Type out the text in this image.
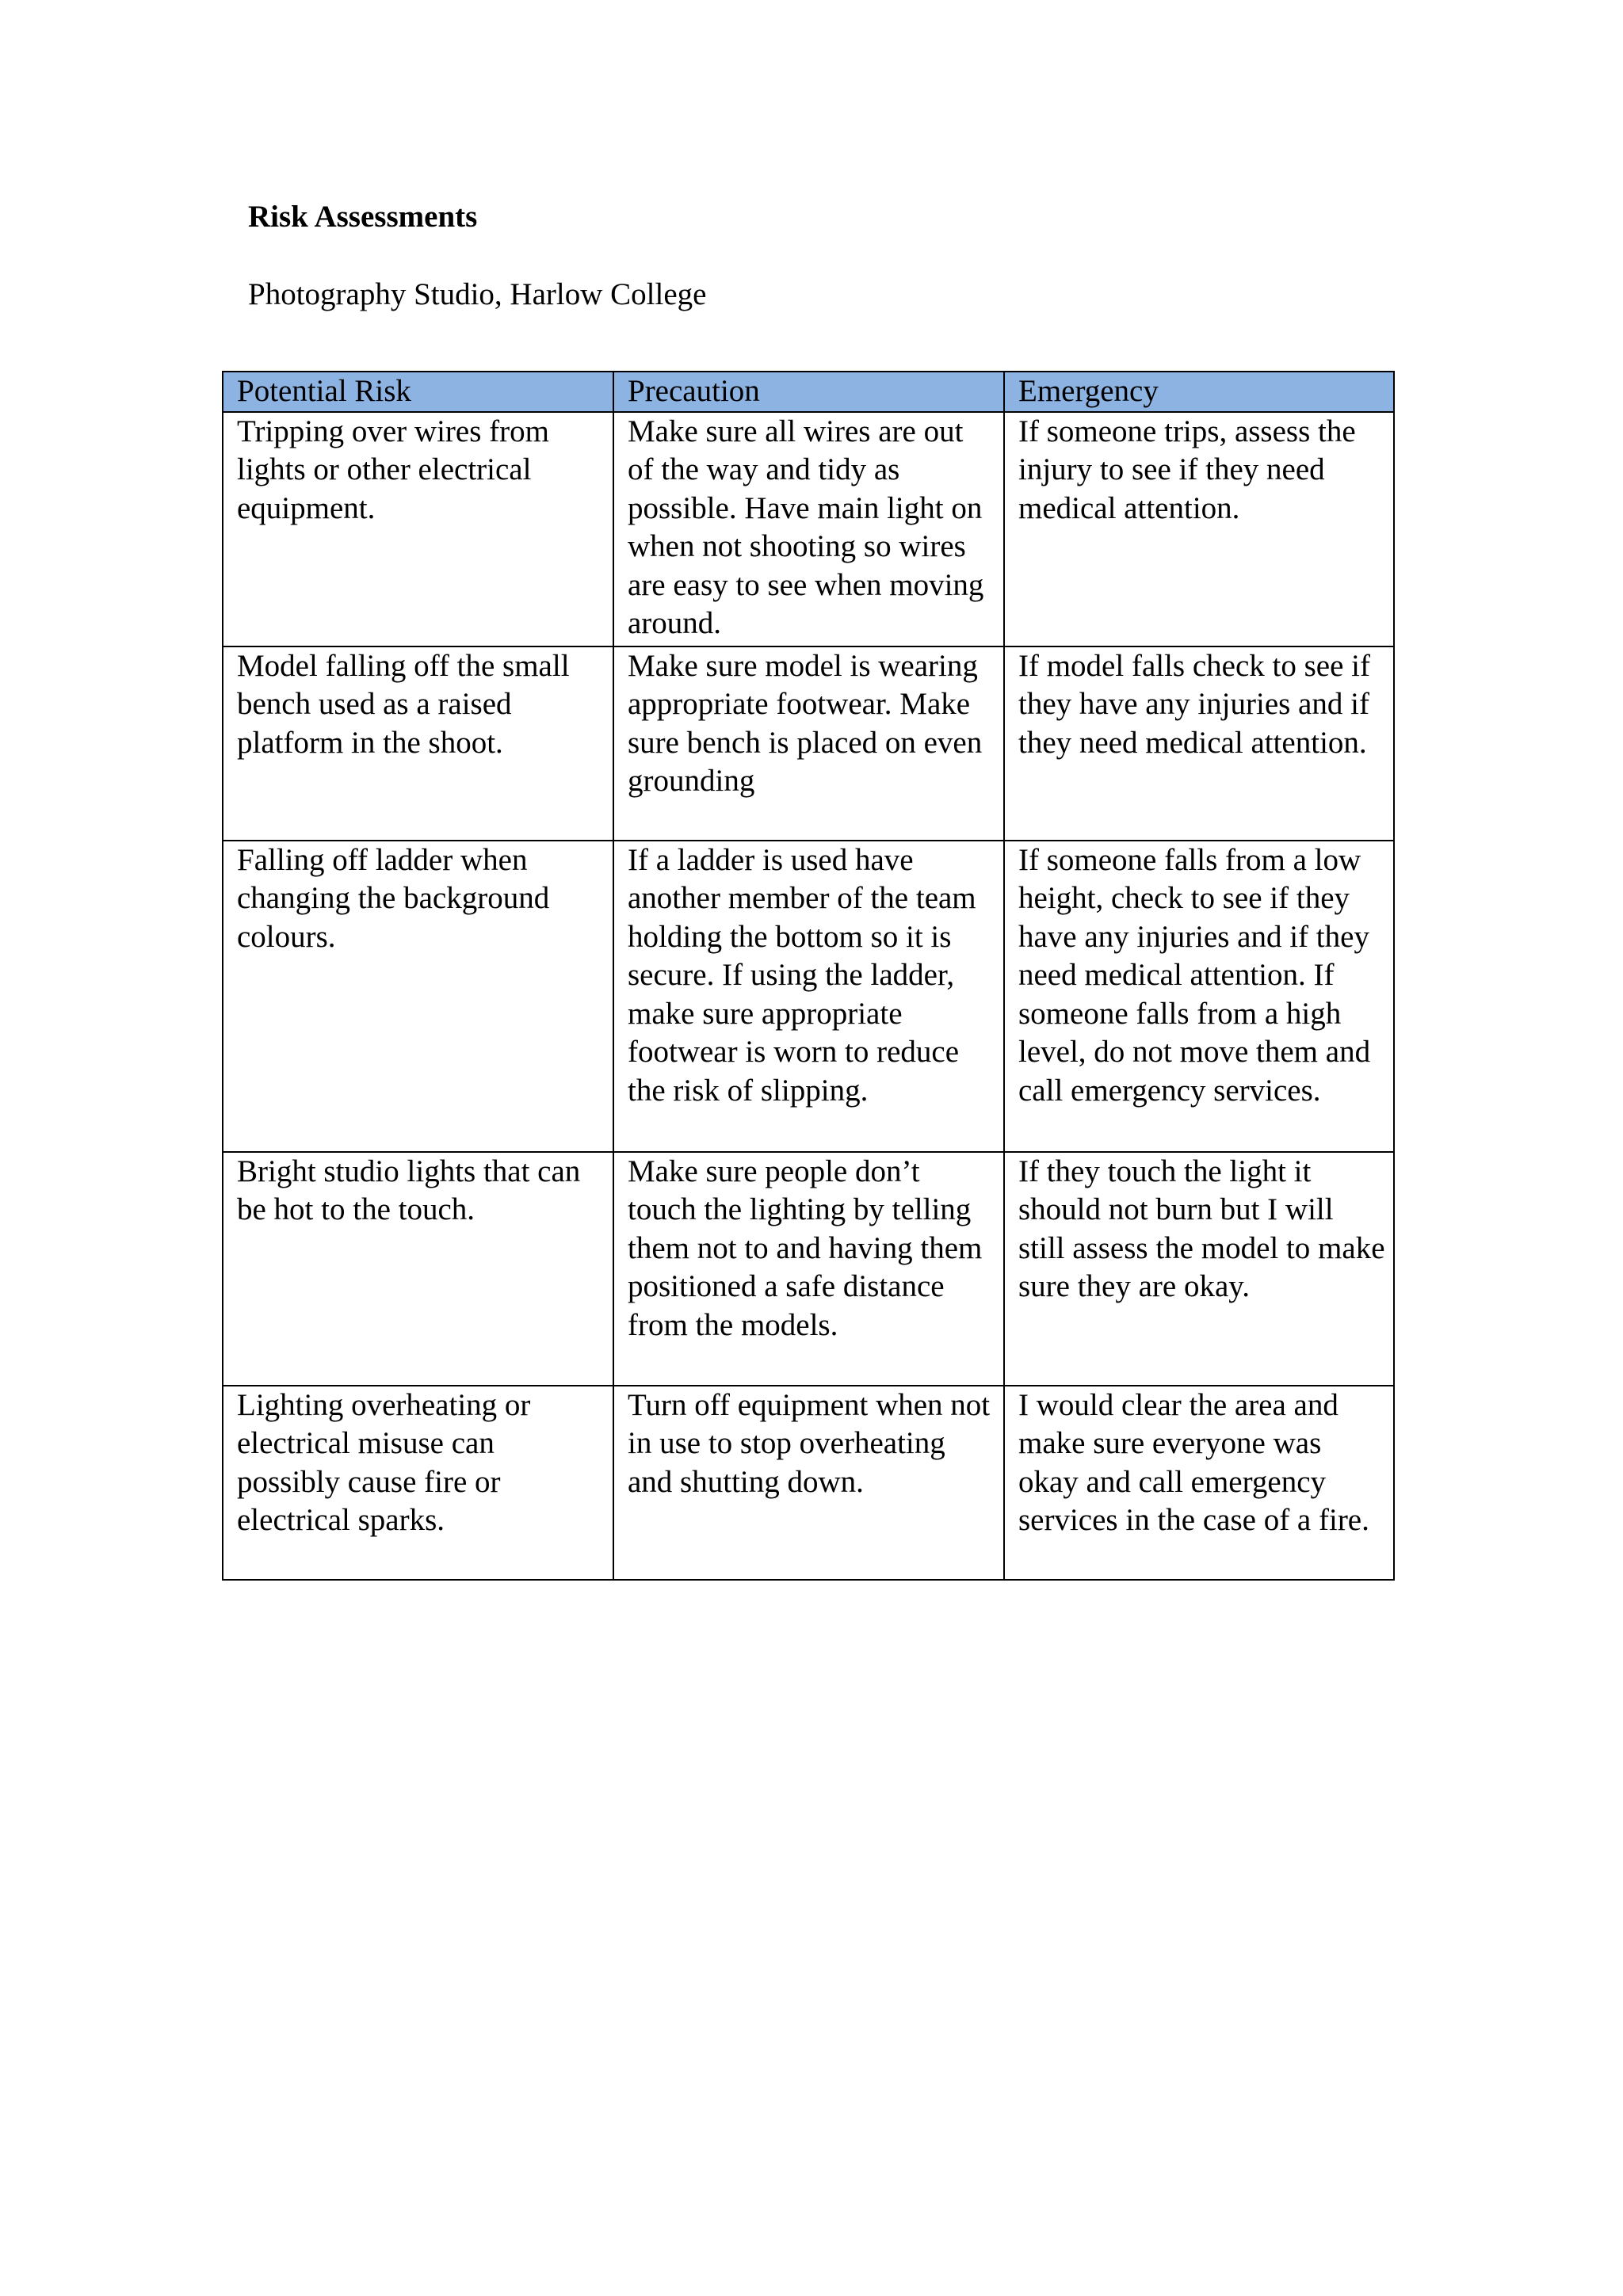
Risk Assessments
Photography Studio, Harlow College
Potential Risk	Precaution	Emergency
Tripping over wires from lights or other electrical equipment.	Make sure all wires are out of the way and tidy as possible. Have main light on when not shooting so wires are easy to see when moving around.	If someone trips, assess the injury to see if they need medical attention.
Model falling off the small bench used as a raised platform in the shoot.	Make sure model is wearing appropriate footwear. Make sure bench is placed on even grounding	If model falls check to see if they have any injuries and if they need medical attention.
Falling off ladder when changing the background colours.	If a ladder is used have another member of the team holding the bottom so it is secure. If using the ladder, make sure appropriate footwear is worn to reduce the risk of slipping.	If someone falls from a low height, check to see if they have any injuries and if they need medical attention. If someone falls from a high level, do not move them and call emergency services.
Bright studio lights that can be hot to the touch.	Make sure people don’t touch the lighting by telling them not to and having them positioned a safe distance from the models.	If they touch the light it should not burn but I will still assess the model to make sure they are okay.
Lighting overheating or electrical misuse can possibly cause fire or electrical sparks.	Turn off equipment when not in use to stop overheating and shutting down.	I would clear the area and make sure everyone was okay and call emergency services in the case of a fire.
